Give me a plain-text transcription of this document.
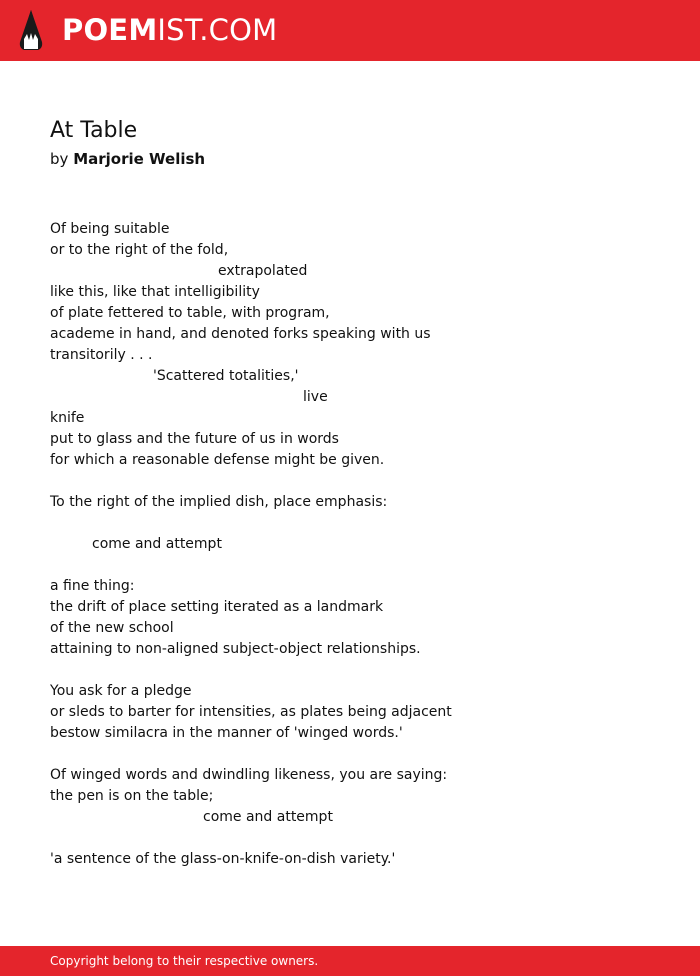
POEMIST.COM
At Table
by Marjorie Welish
Of being suitable
or to the right of the fold,
extrapolated
like this, like that intelligibility
of plate fettered to table, with program,
academe in hand, and denoted forks speaking with us
transitorily . . .
'Scattered totalities,'
live
knife
put to glass and the future of us in words
for which a reasonable defense might be given.
To the right of the implied dish, place emphasis:
come and attempt
a fine thing:
the drift of place setting iterated as a landmark
of the new school
attaining to non-aligned subject-object relationships.
You ask for a pledge
or sleds to barter for intensities, as plates being adjacent
bestow similacra in the manner of 'winged words.'
Of winged words and dwindling likeness, you are saying:
the pen is on the table;
come and attempt
'a sentence of the glass-on-knife-on-dish variety.'
Copyright belong to their respective owners.
